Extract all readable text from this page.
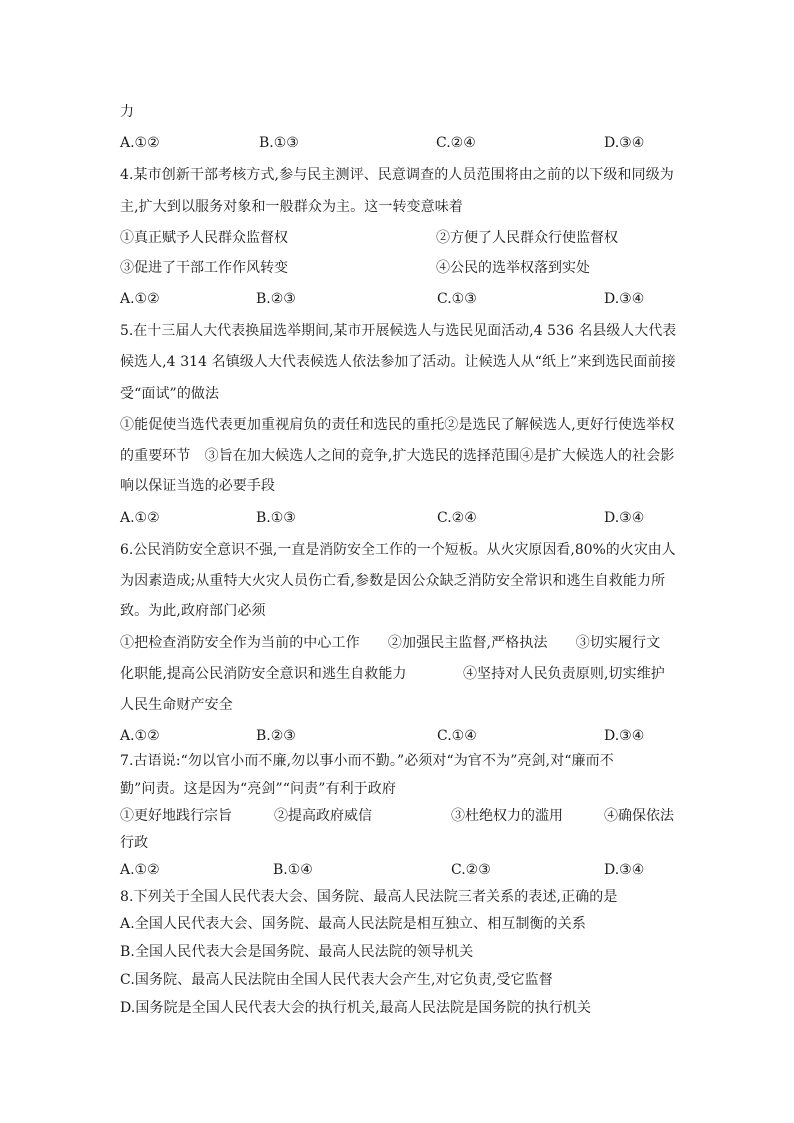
力
A.①②	B.①③	C.②④	D.③④
4.某市创新干部考核方式,参与民主测评、民意调查的人员范围将由之前的以下级和同级为
主,扩大到以服务对象和一般群众为主。这一转变意味着
①真正赋予人民群众监督权	②方便了人民群众行使监督权
③促进了干部工作作风转变	④公民的选举权落到实处
A.①②	B.②③	C.①③	D.③④
5.在十三届人大代表换届选举期间,某市开展候选人与选民见面活动,4 536 名县级人大代表
候选人,4 314 名镇级人大代表候选人依法参加了活动。让候选人从“纸上”来到选民面前接
受“面试”的做法
①能促使当选代表更加重视肩负的责任和选民的重托②是选民了解候选人,更好行使选举权
的重要环节　③旨在加大候选人之间的竞争,扩大选民的选择范围④是扩大候选人的社会影
响以保证当选的必要手段
A.①②	B.①③	C.②④	D.③④
6.公民消防安全意识不强,一直是消防安全工作的一个短板。从火灾原因看,80%的火灾由人
为因素造成;从重特大火灾人员伤亡看,参数是因公众缺乏消防安全常识和逃生自救能力所
致。为此,政府部门必须
①把检查消防安全作为当前的中心工作　　②加强民主监督,严格执法　　③切实履行文
化职能,提高公民消防安全意识和逃生自救能力　　　　④坚持对人民负责原则,切实维护
人民生命财产安全
A.①②	B.②③	C.①④	D.③④
7.古语说:“勿以官小而不廉,勿以事小而不勤。”必须对“为官不为”亮剑,对“廉而不
勤”问责。这是因为“亮剑”“问责”有利于政府
①更好地践行宗旨	②提高政府威信	③杜绝权力的滥用	④确保依法
行政
A.①②	B.①④	C.②③	D.③④
8.下列关于全国人民代表大会、国务院、最高人民法院三者关系的表述,正确的是
A.全国人民代表大会、国务院、最高人民法院是相互独立、相互制衡的关系
B.全国人民代表大会是国务院、最高人民法院的领导机关
C.国务院、最高人民法院由全国人民代表大会产生,对它负责,受它监督
D.国务院是全国人民代表大会的执行机关,最高人民法院是国务院的执行机关
